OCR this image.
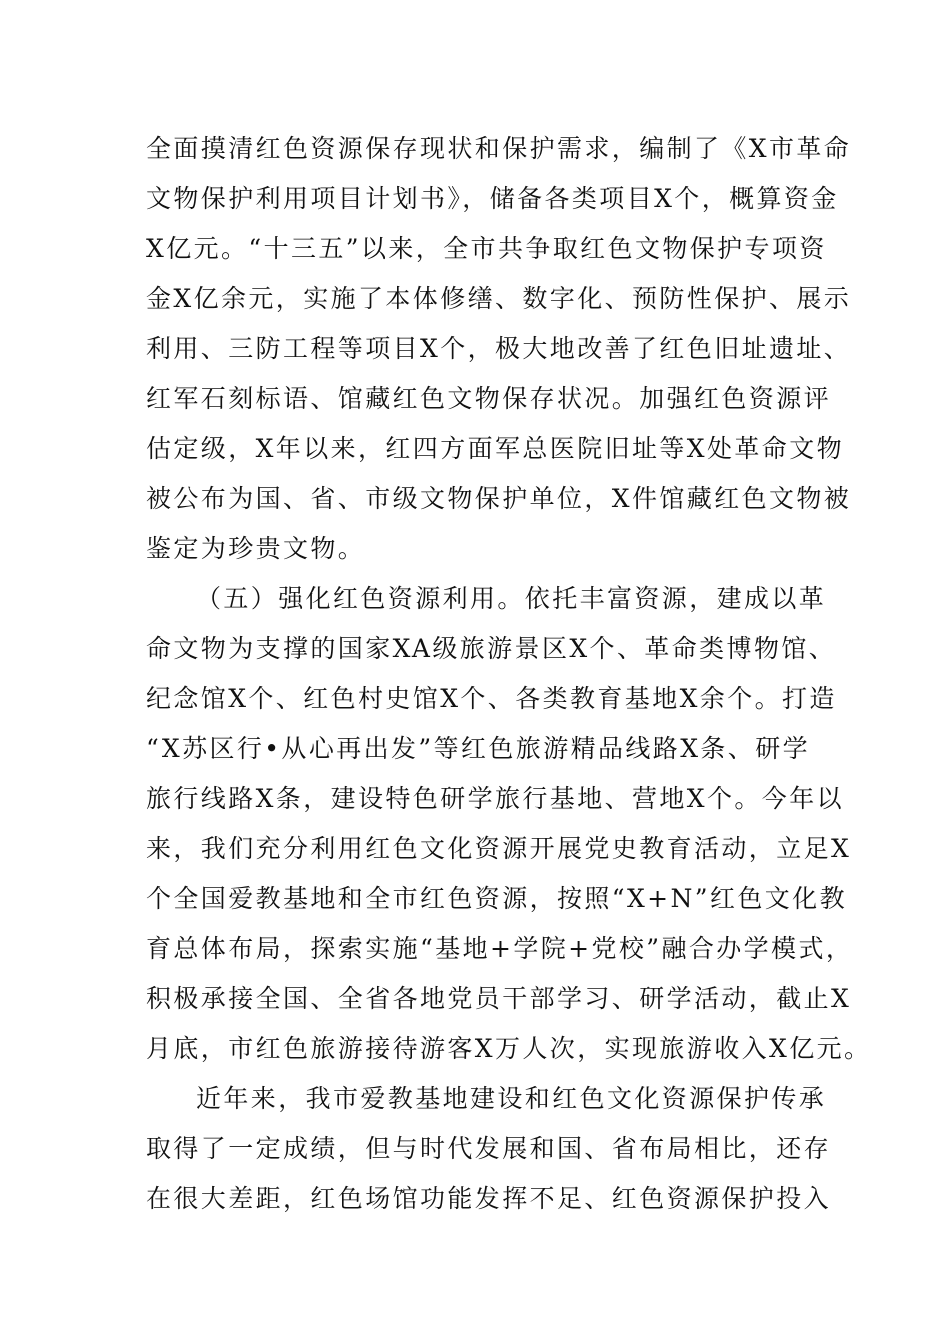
全面摸清红色资源保存现状和保护需求，编制了《X市革命
文物保护利用项目计划书》，储备各类项目X个，概算资金
X亿元。“十三五”以来，全市共争取红色文物保护专项资
金X亿余元，实施了本体修缮、数字化、预防性保护、展示
利用、三防工程等项目X个，极大地改善了红色旧址遗址、
红军石刻标语、馆藏红色文物保存状况。加强红色资源评
估定级，X年以来，红四方面军总医院旧址等X处革命文物
被公布为国、省、市级文物保护单位，X件馆藏红色文物被
鉴定为珍贵文物。
（五）强化红色资源利用。依托丰富资源，建成以革
命文物为支撑的国家XA级旅游景区X个、革命类博物馆、
纪念馆X个、红色村史馆X个、各类教育基地X余个。打造
“X苏区行•从心再出发”等红色旅游精品线路X条、研学
旅行线路X条，建设特色研学旅行基地、营地X个。今年以
来，我们充分利用红色文化资源开展党史教育活动，立足X
个全国爱教基地和全市红色资源，按照“X+N”红色文化教
育总体布局，探索实施“基地+学院+党校”融合办学模式，
积极承接全国、全省各地党员干部学习、研学活动，截止X
月底，市红色旅游接待游客X万人次，实现旅游收入X亿元。
近年来，我市爱教基地建设和红色文化资源保护传承
取得了一定成绩，但与时代发展和国、省布局相比，还存
在很大差距，红色场馆功能发挥不足、红色资源保护投入
